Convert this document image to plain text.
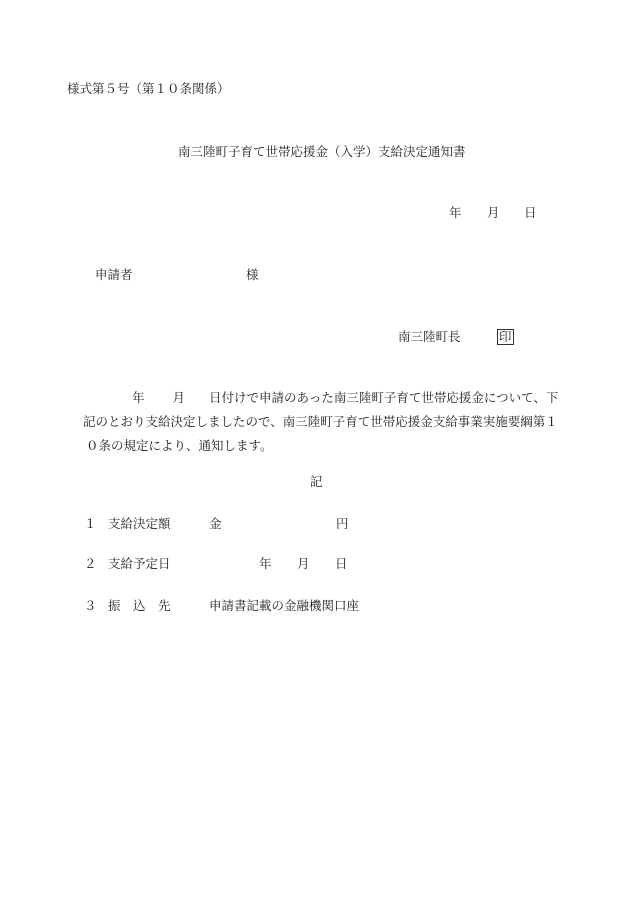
様式第５号（第１０条関係）
南三陸町子育て世帯応援金（入学）支給決定通知書
年 月 日
申請者	様
南三陸町長	印
年 月 日付けで申請のあった南三陸町子育て世帯応援金について、下
記のとおり支給決定しましたので、南三陸町子育て世帯応援金支給事業実施要綱第１
０条の規定により、通知します。
記
１ 支給決定額	金	円
２ 支給予定日	年 月 日
３ 振　込　先	申請書記載の金融機関口座
